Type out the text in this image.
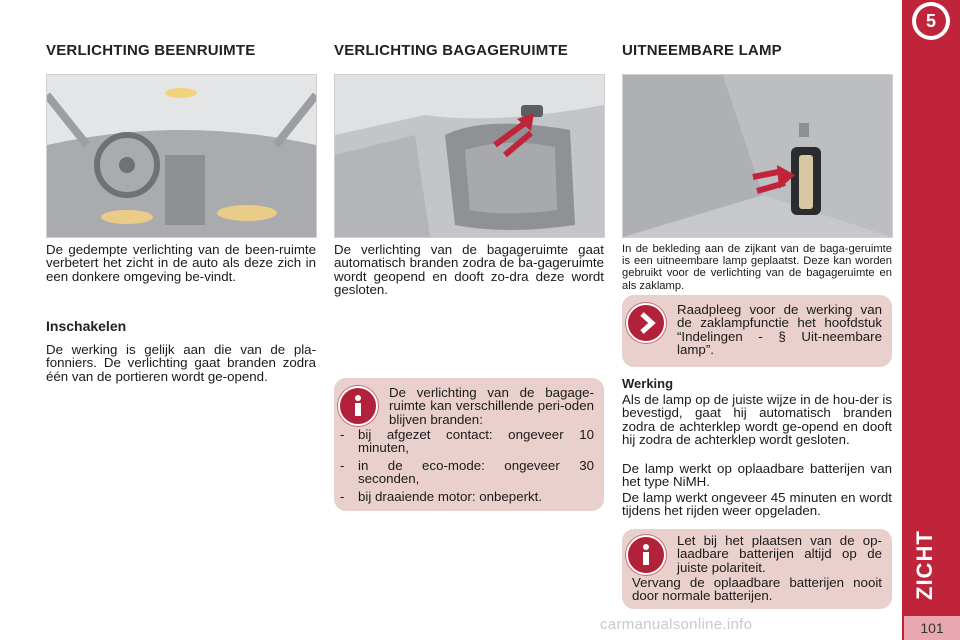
VERLICHTING BEENRUIMTE

De gedempte verlichting van de been-ruimte verbetert het zicht in de auto als deze zich in een donkere omgeving be-vindt.

Inschakelen

De werking is gelijk aan die van de pla-fonniers. De verlichting gaat branden zodra één van de portieren wordt ge-opend.

VERLICHTING BAGAGERUIMTE

De verlichting van de bagageruimte gaat automatisch branden zodra de ba-gageruimte wordt geopend en dooft zo-dra deze wordt gesloten.

De verlichting van de bagage-ruimte kan verschillende peri-oden blijven branden:

- bij afgezet contact: ongeveer 10 minuten,
- in de eco-mode: ongeveer 30 seconden,
- bij draaiende motor: onbeperkt.
UITNEEMBARE LAMP

In de bekleding aan de zijkant van de baga-geruimte is een uitneembare lamp geplaatst. Deze kan worden gebruikt voor de verlichting van de bagageruimte en als zaklamp.

Raadpleeg voor de werking van de zaklampfunctie het hoofdstuk “Indelingen - § Uit-neembare lamp”.

Werking

Als de lamp op de juiste wijze in de hou-der is bevestigd, gaat hij automatisch branden zodra de achterklep wordt ge-opend en dooft hij zodra de achterklep wordt gesloten.

De lamp werkt op oplaadbare batterijen van het type NiMH.

De lamp werkt ongeveer 45 minuten en wordt tijdens het rijden weer opgeladen.

Let bij het plaatsen van de op-laadbare batterijen altijd op de juiste polariteit.

Vervang de oplaadbare batterijen nooit door normale batterijen.

5
ZICHT
101
carmanualsonline.info
